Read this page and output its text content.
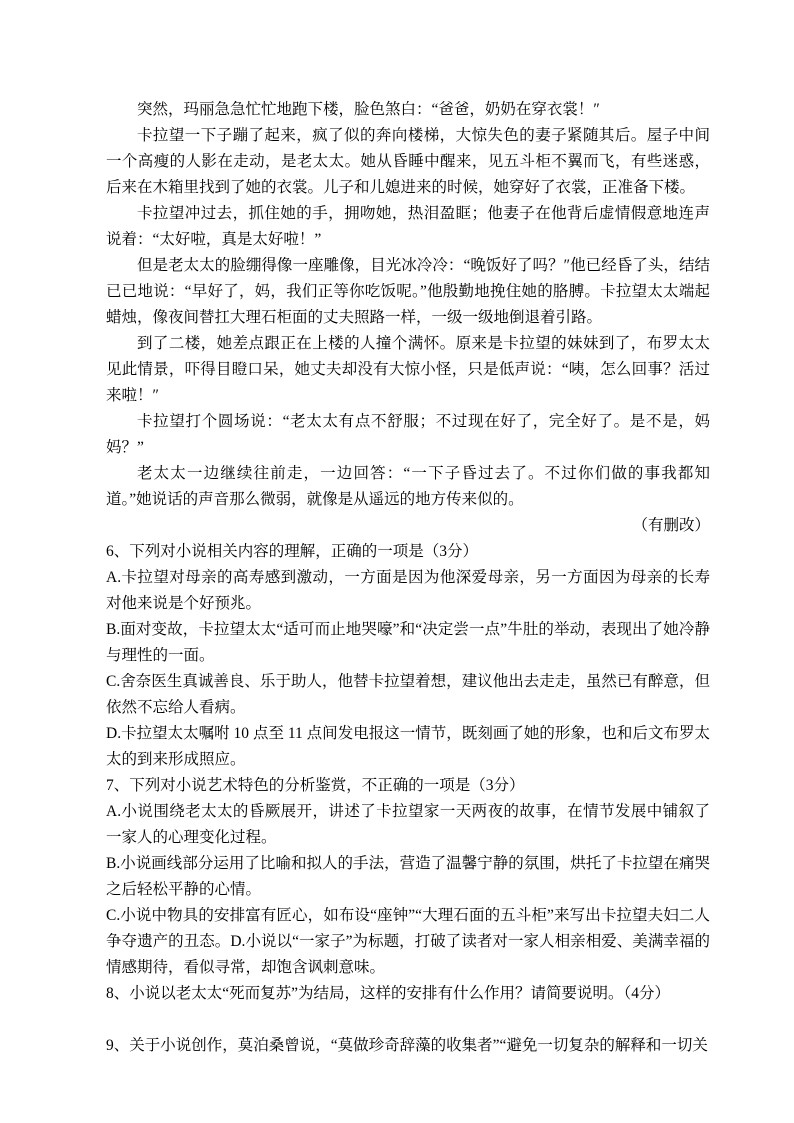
突然，玛丽急急忙忙地跑下楼，脸色煞白：“爸爸，奶奶在穿衣裳！″

卡拉望一下子蹦了起来，疯了似的奔向楼梯，大惊失色的妻子紧随其后。屋子中间一个高瘦的人影在走动，是老太太。她从昏睡中醒来，见五斗柜不翼而飞，有些迷惑，后来在木箱里找到了她的衣裳。儿子和儿媳进来的时候，她穿好了衣裳，正准备下楼。

卡拉望冲过去，抓住她的手，拥吻她，热泪盈眶；他妻子在他背后虚情假意地连声说着：“太好啦，真是太好啦！”

但是老太太的脸绷得像一座雕像，目光冰冷冷：“晚饭好了吗？″他已经昏了头，结结已已地说：“早好了，妈，我们正等你吃饭呢。”他殷勤地挽住她的胳膊。卡拉望太太端起蜡烛，像夜间替扛大理石柜面的丈夫照路一样，一级一级地倒退着引路。

到了二楼，她差点跟正在上楼的人撞个满怀。原来是卡拉望的妹妹到了，布罗太太见此情景，吓得目瞪口呆，她丈夫却没有大惊小怪，只是低声说：“咦，怎么回事？活过来啦！″

卡拉望打个圆场说：“老太太有点不舒服；不过现在好了，完全好了。是不是，妈妈？”

老太太一边继续往前走，一边回答：“一下子昏过去了。不过你们做的事我都知道。”她说话的声音那么微弱，就像是从遥远的地方传来似的。

（有删改）

6、下列对小说相关内容的理解，正确的一项是（3分）

A.卡拉望对母亲的高寿感到激动，一方面是因为他深爱母亲，另一方面因为母亲的长寿对他来说是个好预兆。

B.面对变故，卡拉望太太“适可而止地哭嚎”和“决定尝一点”牛肚的举动，表现出了她冷静与理性的一面。

C.舍奈医生真诚善良、乐于助人，他替卡拉望着想，建议他出去走走，虽然已有醉意，但依然不忘给人看病。

D.卡拉望太太嘱咐 10 点至 11 点间发电报这一情节，既刻画了她的形象，也和后文布罗太太的到来形成照应。

7、下列对小说艺术特色的分析鉴赏，不正确的一项是（3分）

A.小说围绕老太太的昏厥展开，讲述了卡拉望家一天两夜的故事，在情节发展中铺叙了一家人的心理变化过程。

B.小说画线部分运用了比喻和拟人的手法，营造了温馨宁静的氛围，烘托了卡拉望在痛哭之后轻松平静的心情。

C.小说中物具的安排富有匠心，如布设“座钟”“大理石面的五斗柜”来写出卡拉望夫妇二人争夺遗产的丑态。D.小说以“一家子”为标题，打破了读者对一家人相亲相爱、美满幸福的情感期待，看似寻常，却饱含讽刺意味。

8、小说以老太太“死而复苏”为结局，这样的安排有什么作用？请简要说明。（4分）

9、关于小说创作，莫泊桑曾说，“莫做珍奇辞藻的收集者”“避免一切复杂的解释和一切关
